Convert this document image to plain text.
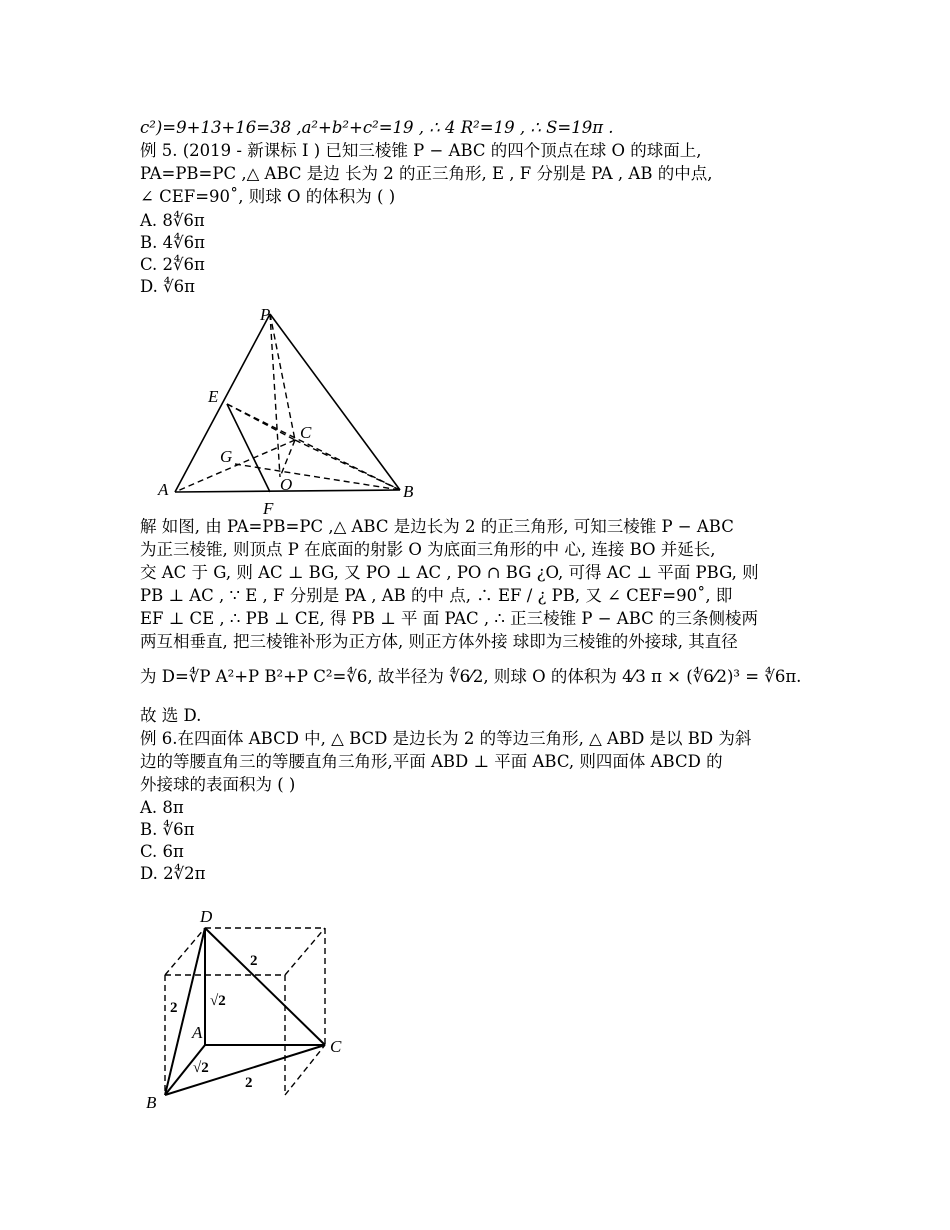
c²)=9+13+16=38 ,a²+b²+c²=19 , ∴ 4 R²=19 , ∴ S=19π .
例 5. (2019 - 新课标 Ⅰ ) 已知三棱锥 P − ABC 的四个顶点在球 O 的球面上,
PA=PB=PC ,△ ABC 是边 长为 2 的正三角形, E , F 分别是 PA , AB 的中点,
∠ CEF=90˚, 则球 O 的体积为 ( )
A. 8∜6π
B. 4∜6π
C. 2∜6π
D. ∜6π
P
E
C
G
A	O	B
F
解 如图, 由 PA=PB=PC ,△ ABC 是边长为 2 的正三角形, 可知三棱锥 P − ABC
为正三棱锥, 则顶点 P 在底面的射影 O 为底面三角形的中 心, 连接 BO 并延长,
交 AC 于 G, 则 AC ⊥ BG, 又 PO ⊥ AC , PO ∩ BG ¿O, 可得 AC ⊥ 平面 PBG, 则
PB ⊥ AC , ∵ E , F 分别是 PA , AB 的中 点, ∴ EF / ¿ PB, 又 ∠ CEF=90˚, 即
EF ⊥ CE , ∴ PB ⊥ CE, 得 PB ⊥ 平 面 PAC , ∴ 正三棱锥 P − ABC 的三条侧棱两
两互相垂直, 把三棱锥补形为正方体, 则正方体外接 球即为三棱锥的外接球, 其直径
为 D=∜P A²+P B²+P C²=∜6, 故半径为 ∜6⁄2, 则球 O 的体积为 4⁄3 π × (∜6⁄2)³ = ∜6π.
故 选 D.
例 6.在四面体 ABCD 中, △ BCD 是边长为 2 的等边三角形, △ ABD 是以 BD 为斜
边的等腰直角三的等腰直角三角形,平面 ABD ⊥ 平面 ABC, 则四面体 ABCD 的
外接球的表面积为 ( )
A. 8π
B. ∜6π
C. 6π
D. 2∜2π
D
A
B
C
2
2
2
√2
√2
